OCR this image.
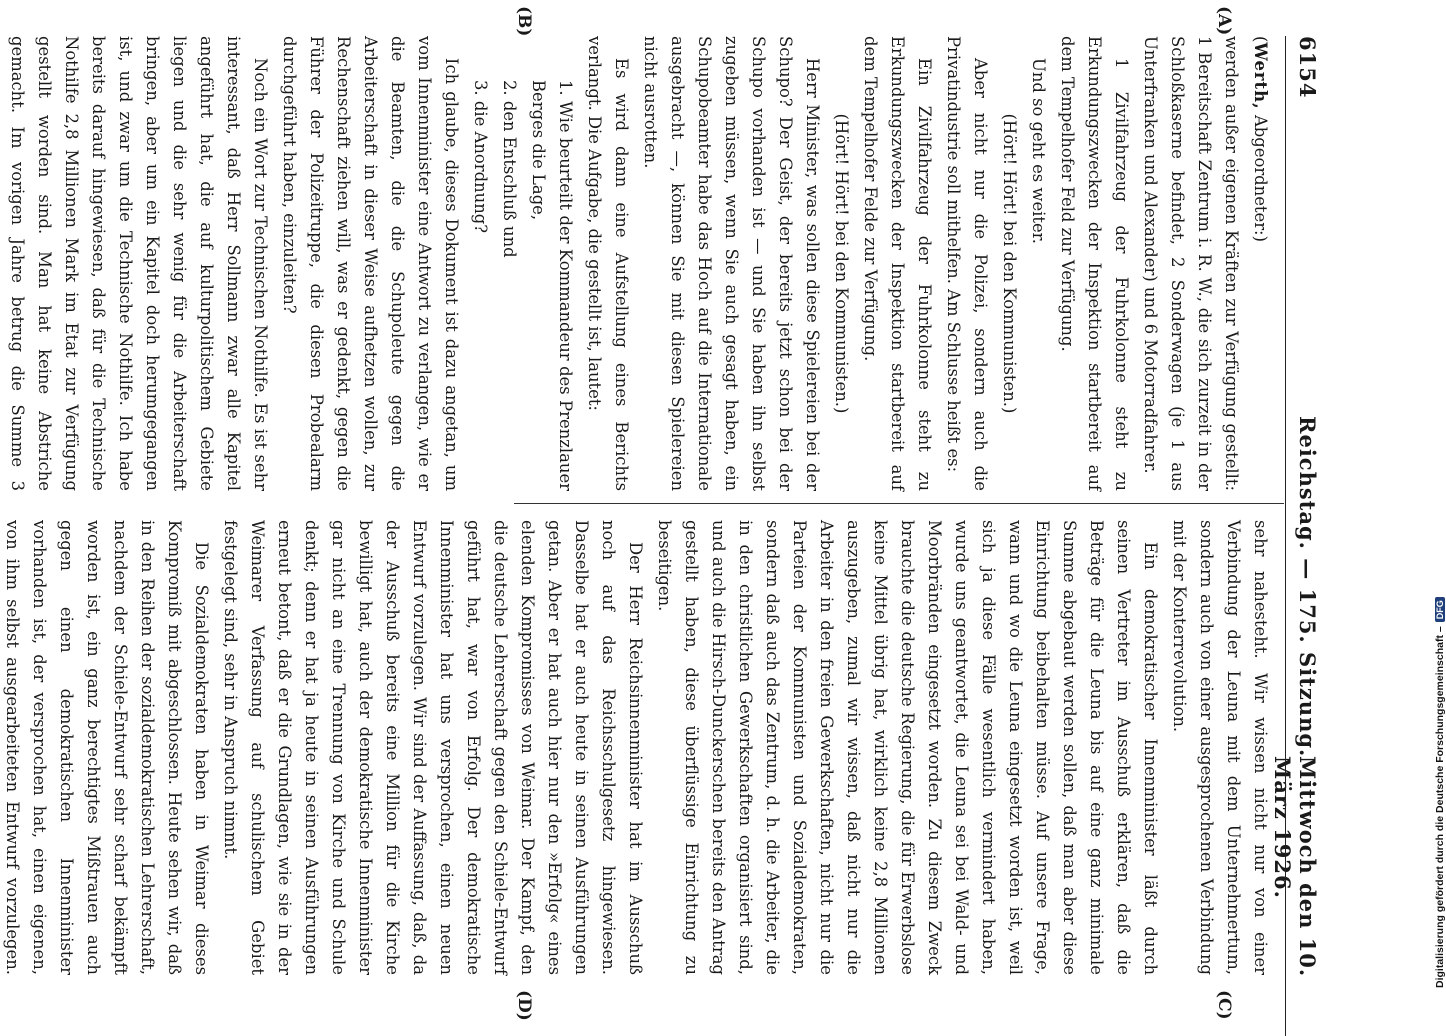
6154
Reichstag. — 175. Sitzung.
Mittwoch den 10. März 1926.
(A)
(B)
(C)
(D)

(Werth, Abgeordneter:)

werden außer eigenen Kräften zur Verfügung gestellt: 1 Bereitschaft Zentrum i. R. W., die sich zurzeit in der Schloßkaserne befindet, 2 Sonderwagen (je 1 aus Unterfranken und Alexander) und 6 Motorradfahrer.

1 Zivilfahrzeug der Fuhrkolonne steht zu Erkundungszwecken der Inspektion startbereit auf dem Tempelhofer Feld zur Verfügung.

Und so geht es weiter.

(Hört! Hört! bei den Kommunisten.)

Aber nicht nur die Polizei, sondern auch die Privatindustrie soll mithelfen. Am Schlusse heißt es:

Ein Zivilfahrzeug der Fuhrkolonne steht zu Erkundungszwecken der Inspektion startbereit auf dem Tempelhofer Felde zur Verfügung.

(Hört! Hört! bei den Kommunisten.)

Herr Minister, was sollen diese Spielereien bei der Schupo? Der Geist, der bereits jetzt schon bei der Schupo vorhanden ist — und Sie haben ihn selbst zugeben müssen, wenn Sie auch gesagt haben, ein Schupobeamter habe das Hoch auf die Internationale ausgebracht —, können Sie mit diesen Spielereien nicht ausrotten.

Es wird dann eine Aufstellung eines Berichts verlangt. Die Aufgabe, die gestellt ist, lautet:

1. Wie beurteilt der Kommandeur des Prenzlauer Berges die Lage,

2. den Entschluß und

3. die Anordnung?

Ich glaube, dieses Dokument ist dazu angetan, um vom Innenminister eine Antwort zu verlangen, wie er die Beamten, die die Schupoleute gegen die Arbeiterschaft in dieser Weise aufhetzen wollen, zur Rechenschaft ziehen will, was er gedenkt, gegen die Führer der Polizeitruppe, die diesen Probealarm durchgeführt haben, einzuleiten?

Noch ein Wort zur Technischen Nothilfe. Es ist sehr interessant, daß Herr Sollmann zwar alle Kapitel angeführt hat, die auf kulturpolitischem Gebiete liegen und die sehr wenig für die Arbeiterschaft bringen, aber um ein Kapitel doch herumgegangen ist, und zwar um die Technische Nothilfe. Ich habe bereits darauf hingewiesen, daß für die Technische Nothilfe 2,8 Millionen Mark im Etat zur Verfügung gestellt worden sind. Man hat keine Abstriche gemacht. Im vorigen Jahre betrug die Summe 3

sehr nahesteht. Wir wissen nicht nur von einer Verbindung der Leuna mit dem Unternehmertum, sondern auch von einer ausgesprochenen Verbindung mit der Konterrevolution.

Ein demokratischer Innenminister läßt durch seinen Vertreter im Ausschuß erklären, daß die Beträge für die Leuna bis auf eine ganz minimale Summe abgebaut werden sollen, daß man aber diese Einrichtung beibehalten müsse. Auf unsere Frage, wann und wo die Leuna eingesetzt worden ist, weil sich ja diese Fälle wesentlich vermindert haben, wurde uns geantwortet, die Leuna sei bei Wald- und Moorbränden eingesetzt worden. Zu diesem Zweck brauchte die deutsche Regierung, die für Erwerbslose keine Mittel übrig hat, wirklich keine 2,8 Millionen auszugeben, zumal wir wissen, daß nicht nur die Arbeiter in den freien Gewerkschaften, nicht nur die Parteien der Kommunisten und Sozialdemokraten, sondern daß auch das Zentrum, d. h. die Arbeiter, die in den christlichen Gewerkschaften organisiert sind, und auch die Hirsch-Dunckerschen bereits den Antrag gestellt haben, diese überflüssige Einrichtung zu beseitigen.

Der Herr Reichsinnenminister hat im Ausschuß noch auf das Reichsschulgesetz hingewiesen. Dasselbe hat er auch heute in seinen Ausführungen getan. Aber er hat auch hier nur den »Erfolg« eines elenden Kompromisses von Weimar. Der Kampf, den die deutsche Lehrerschaft gegen den Schiele-Entwurf geführt hat, war von Erfolg. Der demokratische Innenminister hat uns versprochen, einen neuen Entwurf vorzulegen. Wir sind der Auffassung, daß, da der Ausschuß bereits eine Million für die Kirche bewilligt hat, auch der demokratische Innenminister gar nicht an eine Trennung von Kirche und Schule denkt; denn er hat ja heute in seinen Ausführungen erneut betont, daß er die Grundlagen, wie sie in der Weimarer Verfassung auf schulischem Gebiet festgelegt sind, sehr in Anspruch nimmt.

Die Sozialdemokraten haben in Weimar dieses Kompromiß mit abgeschlossen. Heute sehen wir, daß in den Reihen der sozialdemokratischen Lehrerschaft, nachdem der Schiele-Entwurf sehr scharf bekämpft worden ist, ein ganz berechtigtes Mißtrauen auch gegen einen demokratischen Innenminister vorhanden ist, der versprochen hat, einen eigenen, von ihm selbst ausgearbeiteten Entwurf vorzulegen.	Digitalisierung gefördert durch die Deutsche Forschungsgemeinschaft –DFG
